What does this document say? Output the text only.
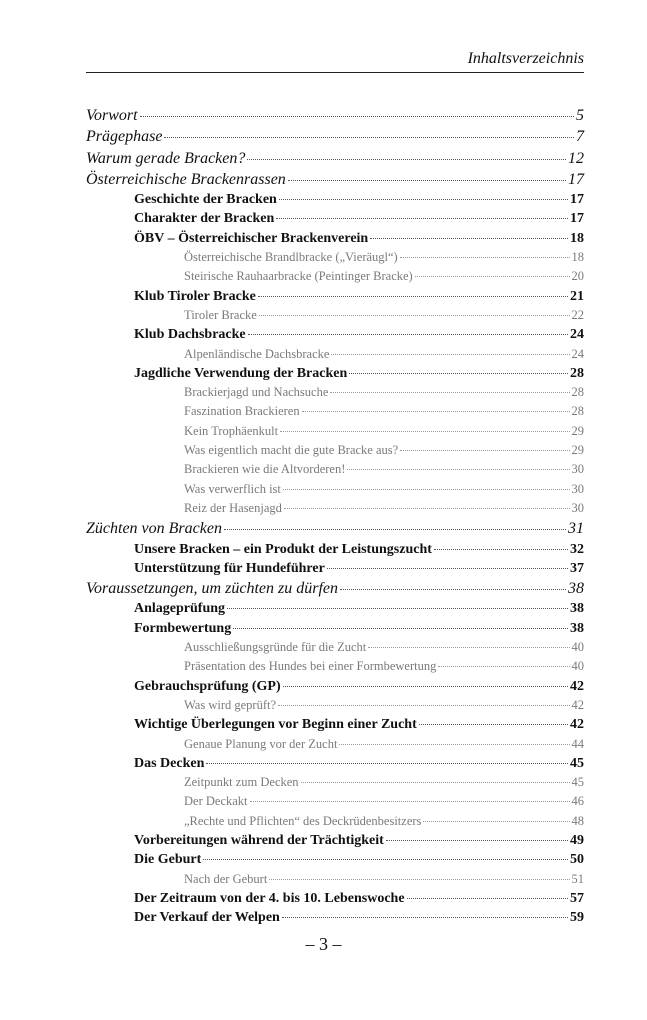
Inhaltsverzeichnis
Vorwort	5
Prägephase	7
Warum gerade Bracken?	12
Österreichische Brackenrassen	17
Geschichte der Bracken	17
Charakter der Bracken	17
ÖBV – Österreichischer Brackenverein	18
Österreichische Brandlbracke („Vieräugl“)	18
Steirische Rauhaarbracke (Peintinger Bracke)	20
Klub Tiroler Bracke	21
Tiroler Bracke	22
Klub Dachsbracke	24
Alpenländische Dachsbracke	24
Jagdliche Verwendung der Bracken	28
Brackierjagd und Nachsuche	28
Faszination Brackieren	28
Kein Trophäenkult	29
Was eigentlich macht die gute Bracke aus?	29
Brackieren wie die Altvorderen!	30
Was verwerflich ist	30
Reiz der Hasenjagd	30
Züchten von Bracken	31
Unsere Bracken – ein Produkt der Leistungszucht	32
Unterstützung für Hundeführer	37
Voraussetzungen, um züchten zu dürfen	38
Anlageprüfung	38
Formbewertung	38
Ausschließungsgründe für die Zucht	40
Präsentation des Hundes bei einer Formbewertung	40
Gebrauchsprüfung (GP)	42
Was wird geprüft?	42
Wichtige Überlegungen vor Beginn einer Zucht	42
Genaue Planung vor der Zucht	44
Das Decken	45
Zeitpunkt zum Decken	45
Der Deckakt	46
„Rechte und Pflichten“ des Deckrüdenbesitzers	48
Vorbereitungen während der Trächtigkeit	49
Die Geburt	50
Nach der Geburt	51
Der Zeitraum von der 4. bis 10. Lebenswoche	57
Der Verkauf der Welpen	59
– 3 –
